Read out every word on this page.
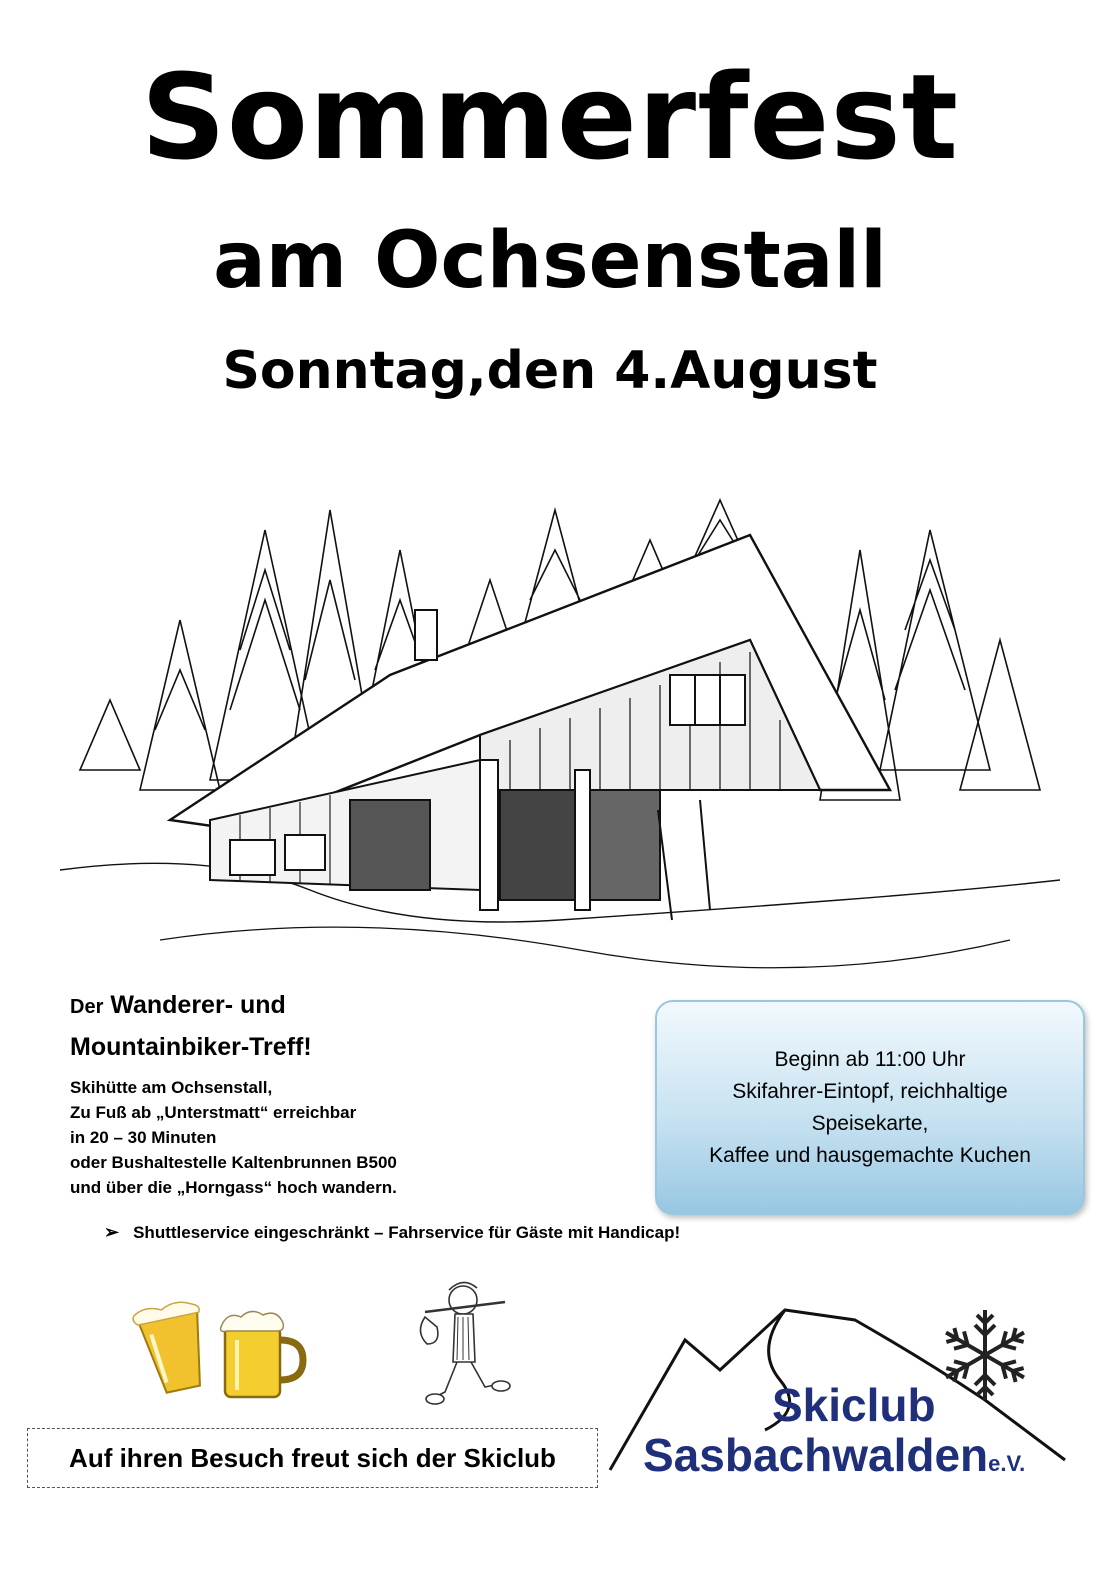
Sommerfest
am Ochsenstall
Sonntag,den 4.August
Der Wanderer- und
Mountainbiker-Treff!
Skihütte am Ochsenstall,
Zu Fuß ab „Unterstmatt“ erreichbar
in 20 – 30 Minuten
oder Bushaltestelle Kaltenbrunnen B500
und über die „Horngass“ hoch wandern.
➢ Shuttleservice eingeschränkt – Fahrservice für Gäste mit Handicap!
Beginn ab 11:00 Uhr
Skifahrer-Eintopf, reichhaltige
Speisekarte,
Kaffee und hausgemachte Kuchen
Auf ihren Besuch freut sich der Skiclub
Skiclub
Sasbachwaldene.V.
